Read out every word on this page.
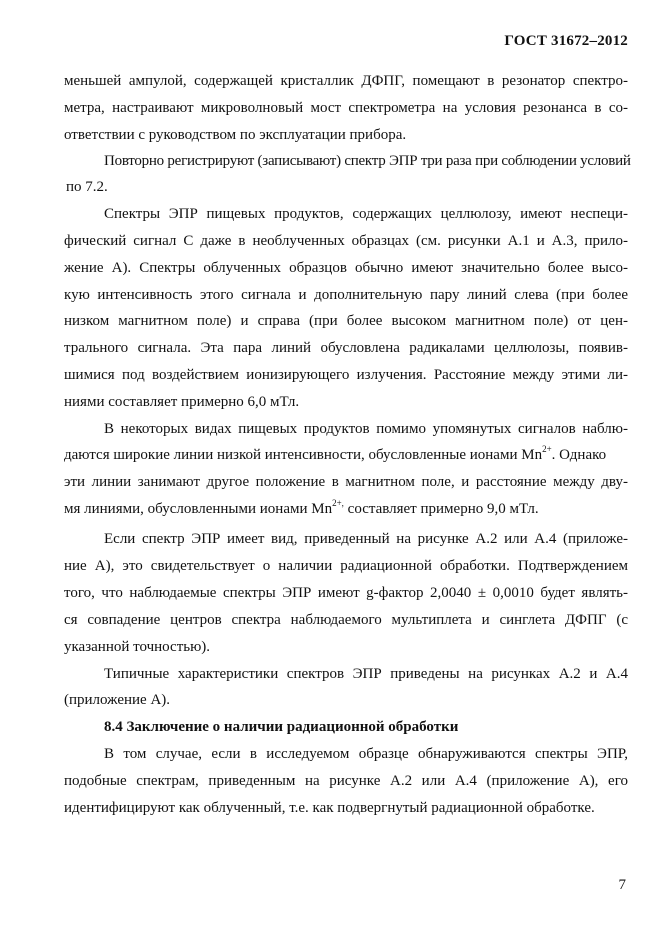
ГОСТ 31672–2012
меньшей ампулой, содержащей кристаллик ДФПГ, помещают в резонатор спектро-
метра, настраивают микроволновый мост спектрометра на условия резонанса в со-
ответствии с руководством по эксплуатации прибора.
Повторно регистрируют (записывают) спектр ЭПР три раза при соблюдении условий
по 7.2.
Спектры ЭПР пищевых продуктов, содержащих целлюлозу, имеют неспеци-
фический сигнал С даже в необлученных образцах (см. рисунки А.1 и А.3, прило-
жение А). Спектры облученных образцов обычно имеют значительно более высо-
кую интенсивность этого сигнала и дополнительную пару линий слева (при более
низком магнитном поле) и справа (при более высоком магнитном поле) от цен-
трального сигнала. Эта пара линий обусловлена радикалами целлюлозы, появив-
шимися под воздействием ионизирующего излучения. Расстояние между этими ли-
ниями составляет примерно 6,0 мТл.
В некоторых видах пищевых продуктов помимо упомянутых сигналов наблю-
даются широкие линии низкой интенсивности, обусловленные ионами $Mn^{2+}$. Однако
эти линии занимают другое положение в магнитном поле, и расстояние между дву-
мя линиями, обусловленными ионами $Mn^{2+,}$ составляет примерно 9,0 мТл.
Если спектр ЭПР имеет вид, приведенный на рисунке А.2 или А.4 (приложе-
ние А), это свидетельствует о наличии радиационной обработки. Подтверждением
того, что наблюдаемые спектры ЭПР имеют g-фактор 2,0040 ± 0,0010 будет являть-
ся совпадение центров спектра наблюдаемого мультиплета и синглета ДФПГ (с
указанной точностью).
Типичные характеристики спектров ЭПР приведены на рисунках А.2 и А.4
(приложение А).
8.4 Заключение о наличии радиационной обработки
В том случае, если в исследуемом образце обнаруживаются спектры ЭПР,
подобные спектрам, приведенным на рисунке А.2 или А.4 (приложение А), его
идентифицируют как облученный, т.е. как подвергнутый радиационной обработке.
7
